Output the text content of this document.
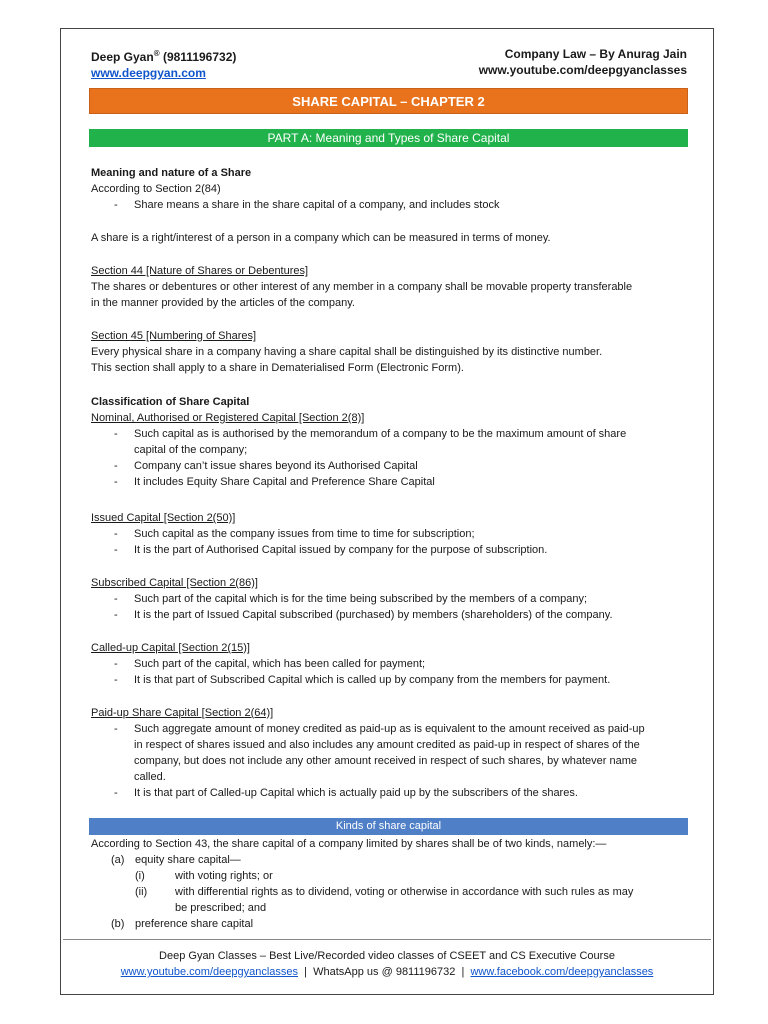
Deep Gyan® (9811196732)
www.deepgyan.com
Company Law – By Anurag Jain
www.youtube.com/deepgyanclasses
SHARE CAPITAL – CHAPTER 2
PART A: Meaning and Types of Share Capital

Meaning and nature of a Share

According to Section 2(84)

-	Share means a share in the share capital of a company, and includes stock
A share is a right/interest of a person in a company which can be measured in terms of money.

Section 44 [Nature of Shares or Debentures]

The shares or debentures or other interest of any member in a company shall be movable property transferable

in the manner provided by the articles of the company.

Section 45 [Numbering of Shares]

Every physical share in a company having a share capital shall be distinguished by its distinctive number.

This section shall apply to a share in Dematerialised Form (Electronic Form).

Classification of Share Capital

Nominal, Authorised or Registered Capital [Section 2(8)]

-	Such capital as is authorised by the memorandum of a company to be the maximum amount of share
capital of the company;
-	Company can’t issue shares beyond its Authorised Capital
-	It includes Equity Share Capital and Preference Share Capital

Issued Capital [Section 2(50)]

-	Such capital as the company issues from time to time for subscription;
-	It is the part of Authorised Capital issued by company for the purpose of subscription.

Subscribed Capital [Section 2(86)]

-	Such part of the capital which is for the time being subscribed by the members of a company;
-	It is the part of Issued Capital subscribed (purchased) by members (shareholders) of the company.

Called-up Capital [Section 2(15)]

-	Such part of the capital, which has been called for payment;
-	It is that part of Subscribed Capital which is called up by company from the members for payment.

Paid-up Share Capital [Section 2(64)]

-	Such aggregate amount of money credited as paid-up as is equivalent to the amount received as paid-up
in respect of shares issued and also includes any amount credited as paid-up in respect of shares of the
company, but does not include any other amount received in respect of such shares, by whatever name
called.
-	It is that part of Called-up Capital which is actually paid up by the subscribers of the shares.
Kinds of share capital

According to Section 43, the share capital of a company limited by shares shall be of two kinds, namely:—

(a) equity share capital—
(i)	with voting rights; or
(ii)	with differential rights as to dividend, voting or otherwise in accordance with such rules as may
be prescribed; and
(b) preference share capital
Deep Gyan Classes – Best Live/Recorded video classes of CSEET and CS Executive Course
www.youtube.com/deepgyanclasses | WhatsApp us @ 9811196732 | www.facebook.com/deepgyanclasses
